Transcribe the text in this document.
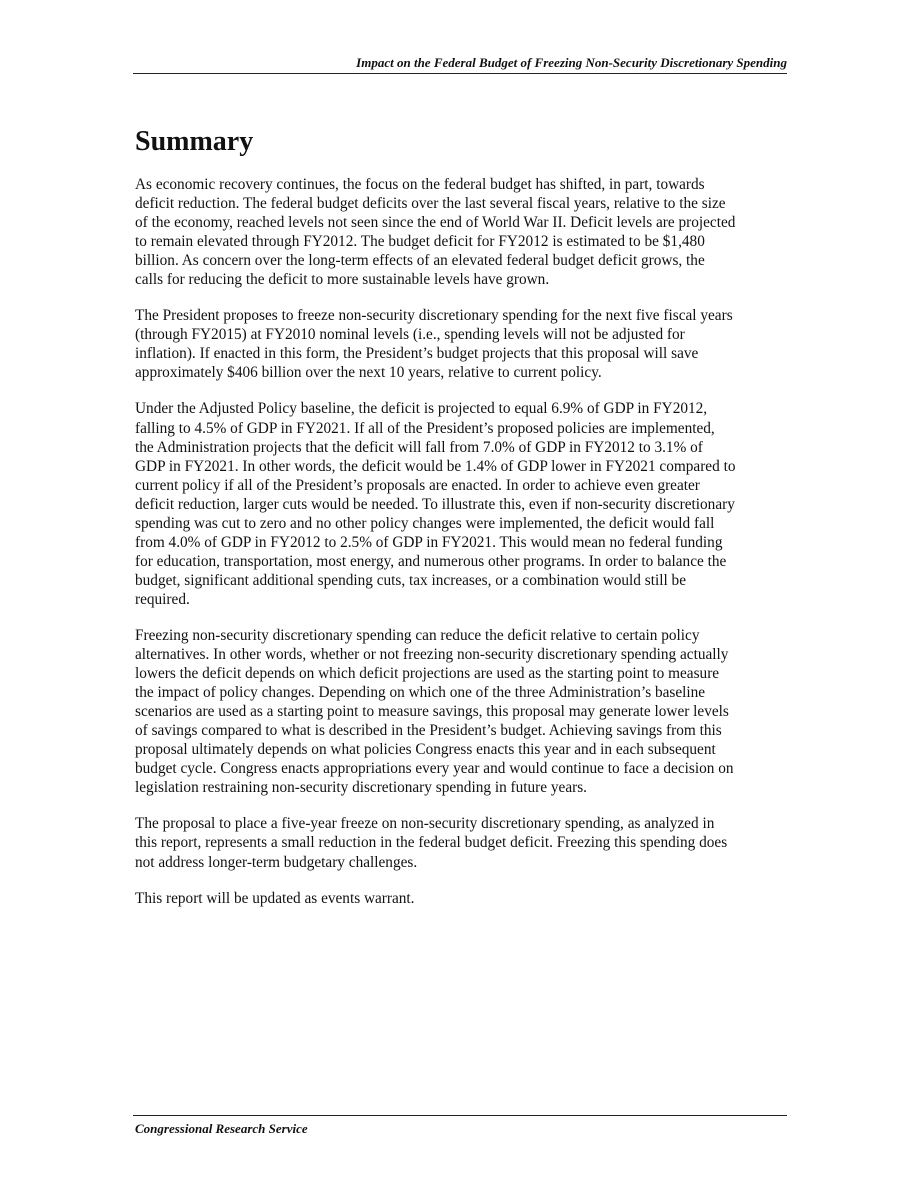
Impact on the Federal Budget of Freezing Non-Security Discretionary Spending
Summary

As economic recovery continues, the focus on the federal budget has shifted, in part, towards
deficit reduction. The federal budget deficits over the last several fiscal years, relative to the size
of the economy, reached levels not seen since the end of World War II. Deficit levels are projected
to remain elevated through FY2012. The budget deficit for FY2012 is estimated to be $1,480
billion. As concern over the long-term effects of an elevated federal budget deficit grows, the
calls for reducing the deficit to more sustainable levels have grown.

The President proposes to freeze non-security discretionary spending for the next five fiscal years
(through FY2015) at FY2010 nominal levels (i.e., spending levels will not be adjusted for
inflation). If enacted in this form, the President’s budget projects that this proposal will save
approximately $406 billion over the next 10 years, relative to current policy.

Under the Adjusted Policy baseline, the deficit is projected to equal 6.9% of GDP in FY2012,
falling to 4.5% of GDP in FY2021. If all of the President’s proposed policies are implemented,
the Administration projects that the deficit will fall from 7.0% of GDP in FY2012 to 3.1% of
GDP in FY2021. In other words, the deficit would be 1.4% of GDP lower in FY2021 compared to
current policy if all of the President’s proposals are enacted. In order to achieve even greater
deficit reduction, larger cuts would be needed. To illustrate this, even if non-security discretionary
spending was cut to zero and no other policy changes were implemented, the deficit would fall
from 4.0% of GDP in FY2012 to 2.5% of GDP in FY2021. This would mean no federal funding
for education, transportation, most energy, and numerous other programs. In order to balance the
budget, significant additional spending cuts, tax increases, or a combination would still be
required.

Freezing non-security discretionary spending can reduce the deficit relative to certain policy
alternatives. In other words, whether or not freezing non-security discretionary spending actually
lowers the deficit depends on which deficit projections are used as the starting point to measure
the impact of policy changes. Depending on which one of the three Administration’s baseline
scenarios are used as a starting point to measure savings, this proposal may generate lower levels
of savings compared to what is described in the President’s budget. Achieving savings from this
proposal ultimately depends on what policies Congress enacts this year and in each subsequent
budget cycle. Congress enacts appropriations every year and would continue to face a decision on
legislation restraining non-security discretionary spending in future years.

The proposal to place a five-year freeze on non-security discretionary spending, as analyzed in
this report, represents a small reduction in the federal budget deficit. Freezing this spending does
not address longer-term budgetary challenges.

This report will be updated as events warrant.

Congressional Research Service
